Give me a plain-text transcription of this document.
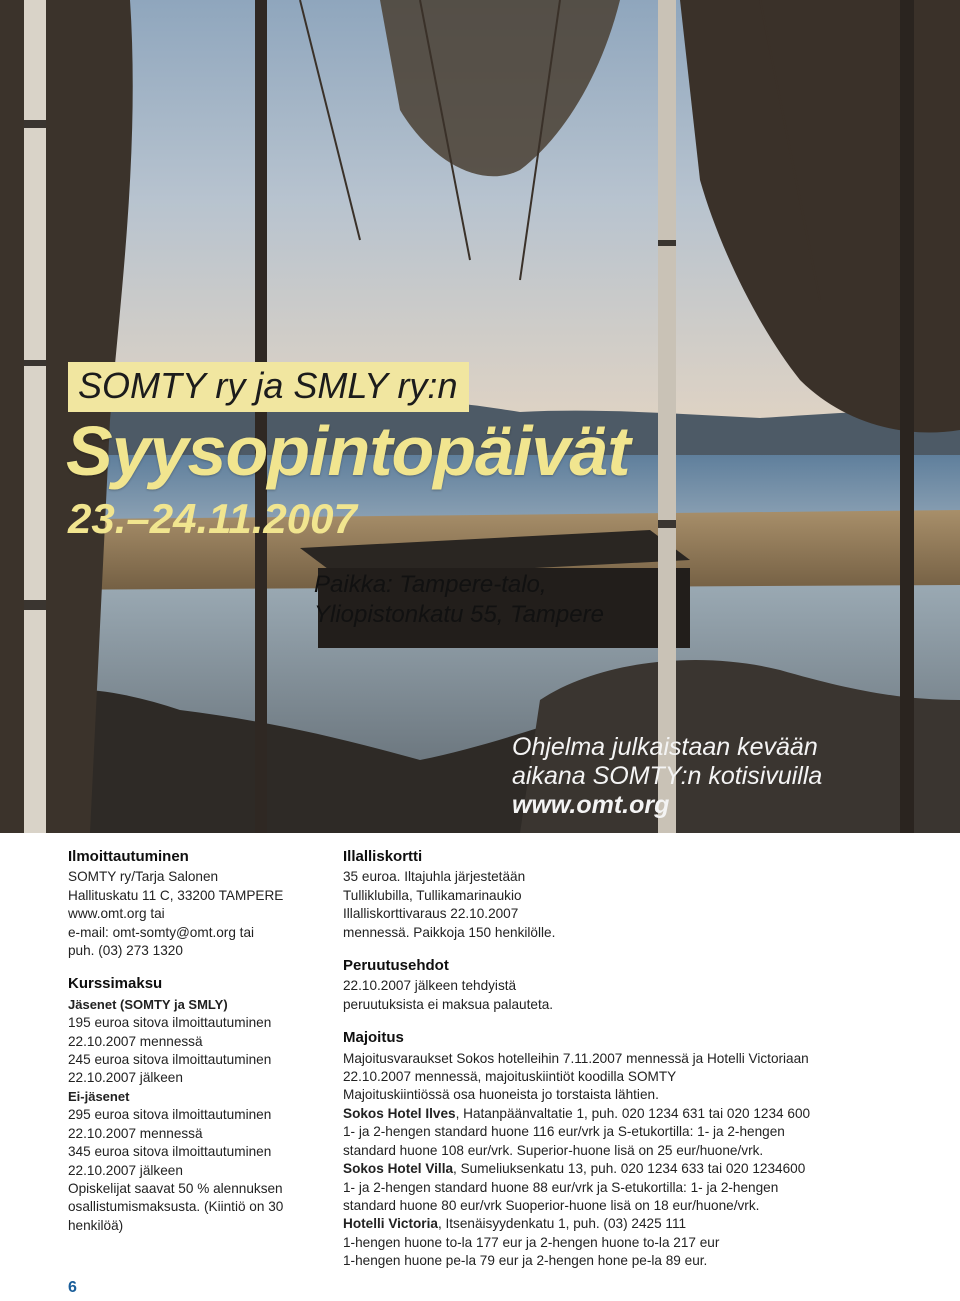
SOMTY ry ja SMLY ry:n
Syysopintopäivät
23.–24.11.2007
Paikka: Tampere-talo,
Yliopistonkatu 55, Tampere
Ohjelma julkaistaan kevään
aikana SOMTY:n kotisivuilla
www.omt.org
Ilmoittautuminen
SOMTY ry/Tarja Salonen
Hallituskatu 11 C, 33200 TAMPERE
www.omt.org tai
e-mail: omt-somty@omt.org tai
puh. (03) 273 1320
Kurssimaksu
Jäsenet (SOMTY ja SMLY)
195 euroa sitova ilmoittautuminen
22.10.2007 mennessä
245 euroa sitova ilmoittautuminen
22.10.2007 jälkeen
Ei-jäsenet
295 euroa sitova ilmoittautuminen
22.10.2007 mennessä
345 euroa sitova ilmoittautuminen
22.10.2007 jälkeen
Opiskelijat saavat 50 % alennuksen osallistumismaksusta. (Kiintiö on 30 henkilöä)
Illalliskortti
35 euroa. Iltajuhla järjestetään
Tulliklubilla, Tullikamarinaukio
Illalliskorttivaraus 22.10.2007
mennessä. Paikkoja 150 henkilölle.
Peruutusehdot
22.10.2007 jälkeen tehdyistä
peruutuksista ei maksua palauteta.
Majoitus
Majoitusvaraukset Sokos hotelleihin 7.11.2007 mennessä ja Hotelli Victoriaan
22.10.2007 mennessä, majoituskiintiöt koodilla SOMTY
Majoituskiintiössä osa huoneista jo torstaista lähtien.
Sokos Hotel Ilves, Hatanpäänvaltatie 1, puh. 020 1234 631 tai 020 1234 600
1- ja 2-hengen standard huone 116 eur/vrk ja S-etukortilla: 1- ja 2-hengen
standard huone 108 eur/vrk. Superior-huone lisä on 25 eur/huone/vrk.
Sokos Hotel Villa, Sumeliuksenkatu 13, puh. 020 1234 633 tai 020 1234600
1- ja 2-hengen standard huone 88 eur/vrk ja S-etukortilla: 1- ja 2-hengen
standard huone 80 eur/vrk Suoperior-huone lisä on 18 eur/huone/vrk.
Hotelli Victoria, Itsenäisyydenkatu 1, puh. (03) 2425 111
1-hengen huone to-la 177 eur ja 2-hengen huone to-la 217 eur
1-hengen huone pe-la 79 eur ja 2-hengen hone pe-la 89 eur.
6
